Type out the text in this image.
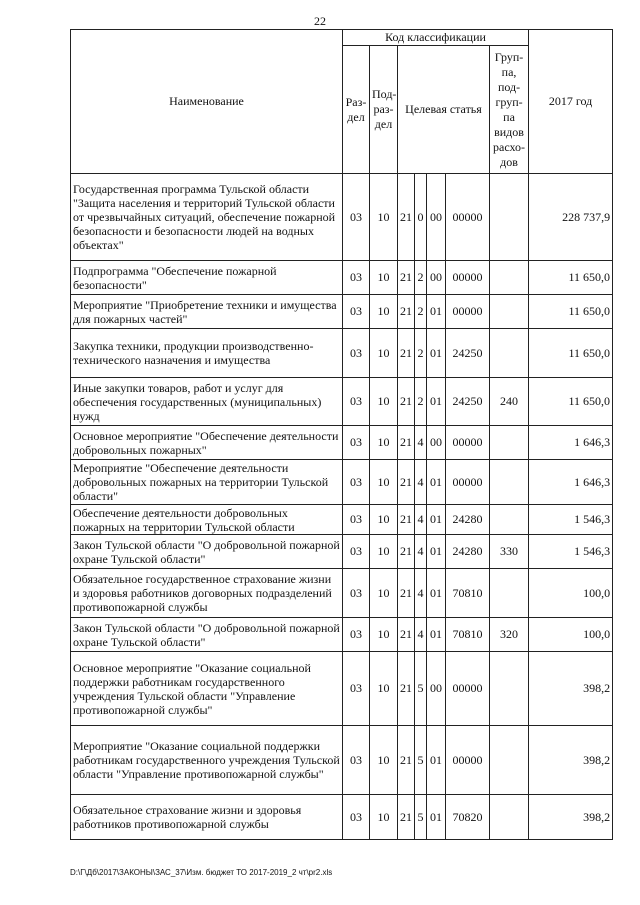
22
Наименование	Код классификации							2017 год
	Раз-дел	Под-раз-дел	Целевая статья				Груп-па, под-груп-па видов расхо-дов	
Государственная программа Тульской области "Защита населения и территорий Тульской области от чрезвычайных ситуаций, обеспечение пожарной безопасности и безопасности людей на водных объектах"	03	10	21	0	00	00000		228 737,9
Подпрограмма "Обеспечение пожарной безопасности"	03	10	21	2	00	00000		11 650,0
Мероприятие "Приобретение техники и имущества для пожарных частей"	03	10	21	2	01	00000		11 650,0
Закупка техники, продукции производственно-технического назначения и имущества	03	10	21	2	01	24250		11 650,0
Иные закупки товаров, работ и услуг для обеспечения государственных (муниципальных) нужд	03	10	21	2	01	24250	240	11 650,0
Основное мероприятие "Обеспечение деятельности добровольных пожарных"	03	10	21	4	00	00000		1 646,3
Мероприятие "Обеспечение деятельности добровольных пожарных на территории Тульской области"	03	10	21	4	01	00000		1 646,3
Обеспечение деятельности добровольных пожарных на территории Тульской области	03	10	21	4	01	24280		1 546,3
Закон Тульской области "О добровольной пожарной охране Тульской области"	03	10	21	4	01	24280	330	1 546,3
Обязательное государственное страхование жизни и здоровья работников договорных подразделений противопожарной службы	03	10	21	4	01	70810		100,0
Закон Тульской области "О добровольной пожарной охране Тульской области"	03	10	21	4	01	70810	320	100,0
Основное мероприятие "Оказание социальной поддержки работникам государственного учреждения Тульской области "Управление противопожарной службы"	03	10	21	5	00	00000		398,2
Мероприятие "Оказание социальной поддержки работникам государственного учреждения Тульской области "Управление противопожарной службы"	03	10	21	5	01	00000		398,2
Обязательное страхование жизни и здоровья работников противопожарной службы	03	10	21	5	01	70820		398,2
D:\Г\Дб\2017\ЗАКОНЫ\ЗАС_37\Изм. бюджет ТО 2017-2019_2 чт\pr2.xls
